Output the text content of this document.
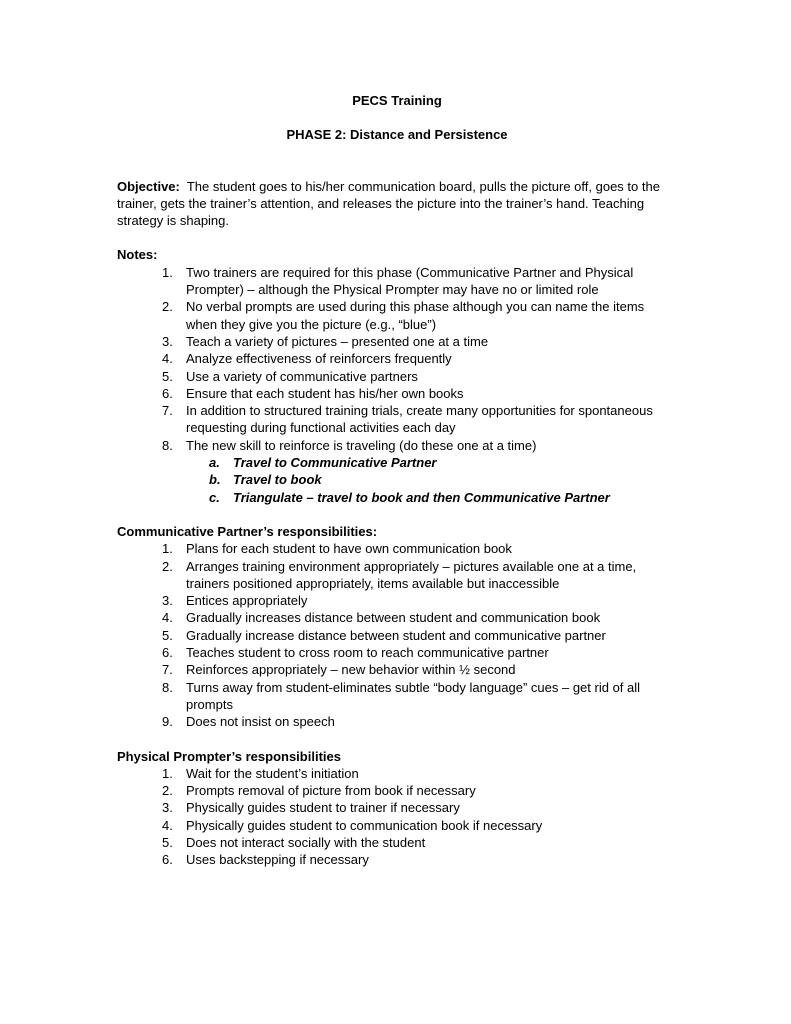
PECS Training

PHASE 2: Distance and Persistence

Objective:  The student goes to his/her communication board, pulls the picture off, goes to the trainer, gets the trainer’s attention, and releases the picture into the trainer’s hand. Teaching strategy is shaping.

Notes:

1. Two trainers are required for this phase (Communicative Partner and Physical Prompter) – although the Physical Prompter may have no or limited role
2. No verbal prompts are used during this phase although you can name the items when they give you the picture (e.g., “blue”)
3. Teach a variety of pictures – presented one at a time
4. Analyze effectiveness of reinforcers frequently
5. Use a variety of communicative partners
6. Ensure that each student has his/her own books
7. In addition to structured training trials, create many opportunities for spontaneous requesting during functional activities each day
8. The new skill to reinforce is traveling (do these one at a time)
a. Travel to Communicative Partner
b. Travel to book
c. Triangulate – travel to book and then Communicative Partner

Communicative Partner’s responsibilities:

1. Plans for each student to have own communication book
2. Arranges training environment appropriately – pictures available one at a time, trainers positioned appropriately, items available but inaccessible
3. Entices appropriately
4. Gradually increases distance between student and communication book
5. Gradually increase distance between student and communicative partner
6. Teaches student to cross room to reach communicative partner
7. Reinforces appropriately – new behavior within ½ second
8. Turns away from student-eliminates subtle “body language” cues – get rid of all prompts
9. Does not insist on speech

Physical Prompter’s responsibilities

1. Wait for the student’s initiation
2. Prompts removal of picture from book if necessary
3. Physically guides student to trainer if necessary
4. Physically guides student to communication book if necessary
5. Does not interact socially with the student
6. Uses backstepping if necessary
